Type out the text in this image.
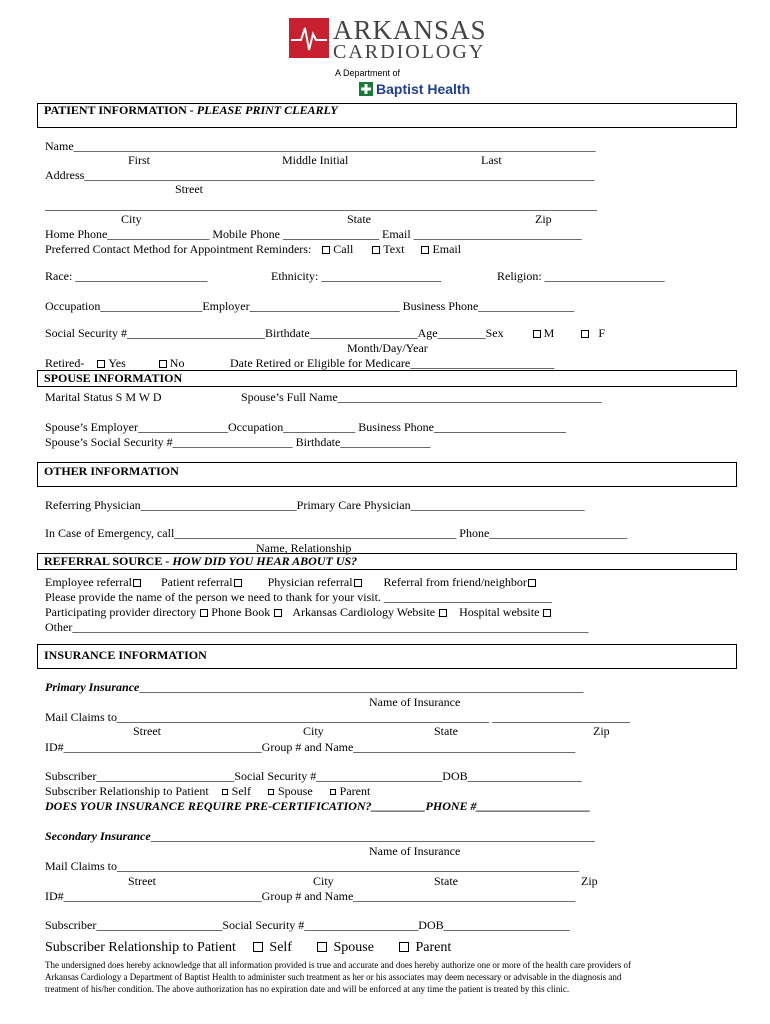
ARKANSAS
CARDIOLOGY
A Department of
Baptist Health
PATIENT INFORMATION - PLEASE PRINT CLEARLY
Name_______________________________________________________________________________________
First	Middle Initial	Last
Address_____________________________________________________________________________________
Street
____________________________________________________________________________________________
City	State	Zip
Home Phone_________________ Mobile Phone ________________ Email ____________________________
Preferred Contact Method for Appointment Reminders: Call	Text Email
Race: ______________________	Ethnicity: ____________________	Religion: ____________________
Occupation_________________Employer_________________________ Business Phone________________
Social Security #_______________________Birthdate__________________Age________Sex	M	F
Month/Day/Year
Retired- Yes	No	Date Retired or Eligible for Medicare________________________
SPOUSE INFORMATION
Marital Status S M W D	Spouse’s Full Name____________________________________________
Spouse’s Employer_______________Occupation____________ Business Phone______________________
Spouse’s Social Security #____________________ Birthdate_______________
OTHER INFORMATION
Referring Physician__________________________Primary Care Physician_____________________________
In Case of Emergency, call_______________________________________________ Phone_______________________
Name, Relationship
REFERRAL SOURCE - HOW DID YOU HEAR ABOUT US?
Employee referral Patient referral	Physician referral	Referral from friend/neighbor
Please provide the name of the person we need to thank for your visit. ____________________________
Participating provider directory Phone Book Arkansas Cardiology Website Hospital website
Other______________________________________________________________________________________
INSURANCE INFORMATION
Primary Insurance__________________________________________________________________________
Name of Insurance
Mail Claims to______________________________________________________________ _______________________
Street	City	State	Zip
ID#_________________________________Group # and Name_____________________________________
Subscriber_______________________Social Security #_____________________DOB___________________
Subscriber Relationship to Patient Self Spouse Parent
DOES YOUR INSURANCE REQUIRE PRE-CERTIFICATION?_________PHONE #___________________
Secondary Insurance__________________________________________________________________________
Name of Insurance
Mail Claims to_____________________________________________________________________________
Street	City	State	Zip
ID#_________________________________Group # and Name_____________________________________
Subscriber_____________________Social Security #___________________DOB_____________________
Subscriber Relationship to Patient Self	Spouse	Parent
The undersigned does hereby acknowledge that all information provided is true and accurate and does hereby authorize one or more of the health care providers of
Arkansas Cardiology a Department of Baptist Health to administer such treatment as her or his associates may deem necessary or advisable in the diagnosis and
treatment of his/her condition. The above authorization has no expiration date and will be enforced at any time the patient is treated by this clinic.
